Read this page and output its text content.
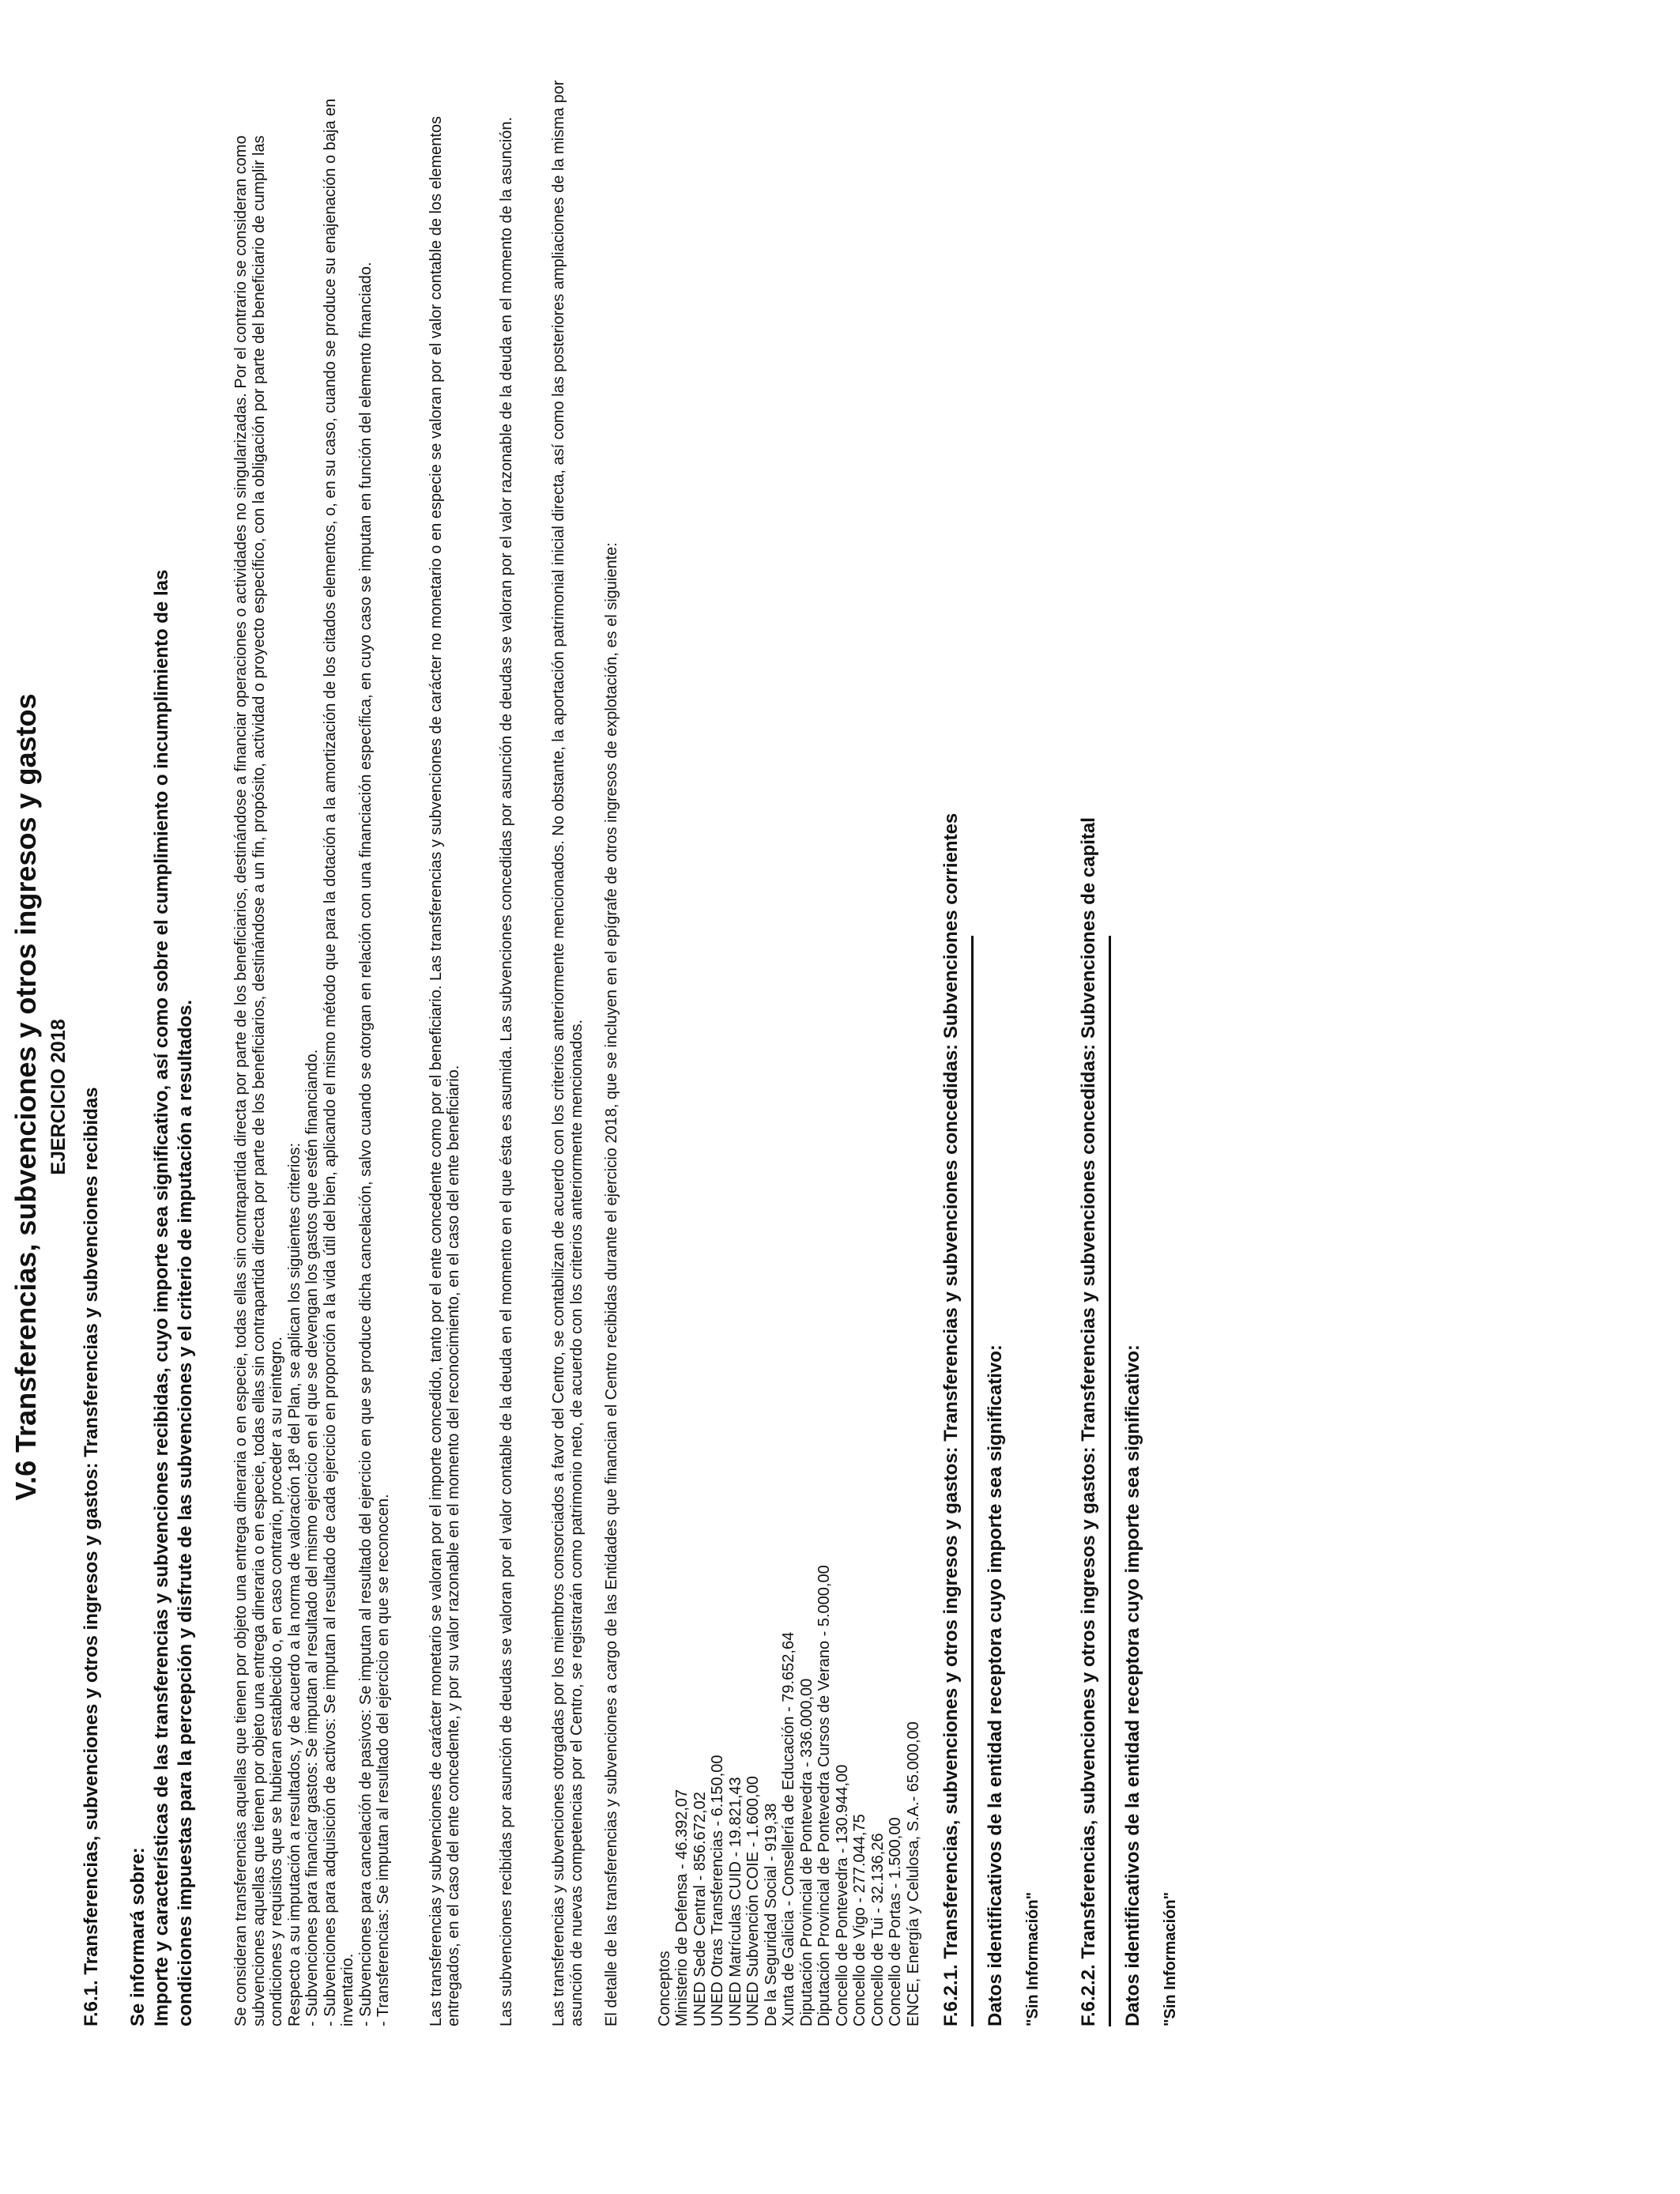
V.6 Transferencias, subvenciones y otros ingresos y gastos EJERCICIO 2018 F.6.1. Transferencias, subvenciones y otros ingresos y gastos: Transferencias y subvenciones recibidas Se informará sobre: Importe y características de las transferencias y subvenciones recibidas, cuyo importe sea significativo, así como sobre el cumplimiento o incumplimiento de las condiciones impuestas para la percepción y disfrute de las subvenciones y el criterio de imputación a resultados. Se consideran transferencias aquellas que tienen por objeto una entrega dineraria o en especie, todas ellas sin contrapartida directa por parte de los beneficiarios, destinándose a financiar operaciones o actividades no singularizadas. Por el contrario se consideran como subvenciones aquellas que tienen por objeto una entrega dineraria o en especie, todas ellas sin contrapartida directa por parte de los beneficiarios, destinándose a un fin, propósito, actividad o proyecto específico, con la obligación por parte del beneficiario de cumplir las condiciones y requisitos que se hubieran establecido o, en caso contrario, proceder a su reintegro. Respecto a su imputación a resultados, y de acuerdo a la norma de valoración 18ª del Plan, se aplican los siguientes criterios: - Subvenciones para financiar gastos: Se imputan al resultado del mismo ejercicio en el que se devengan los gastos que estén financiando. - Subvenciones para adquisición de activos: Se imputan al resultado de cada ejercicio en proporción a la vida útil del bien, aplicando el mismo método que para la dotación a la amortización de los citados elementos, o, en su caso, cuando se produce su enajenación o baja en inventario. - Subvenciones para cancelación de pasivos: Se imputan al resultado del ejercicio en que se produce dicha cancelación, salvo cuando se otorgan en relación con una financiación específica, en cuyo caso se imputan en función del elemento financiado. - Transferencias: Se imputan al resultado del ejercicio en que se reconocen. Las transferencias y subvenciones de carácter monetario se valoran por el importe concedido, tanto por el ente concedente como por el beneficiario. Las transferencias y subvenciones de carácter no monetario o en especie se valoran por el valor contable de los elementos entregados, en el caso del ente concedente, y por su valor razonable en el momento del reconocimiento, en el caso del ente beneficiario. Las subvenciones recibidas por asunción de deudas se valoran por el valor contable de la deuda en el momento en el que ésta es asumida. Las subvenciones concedidas por asunción de deudas se valoran por el valor razonable de la deuda en el momento de la asunción. Las transferencias y subvenciones otorgadas por los miembros consorciados a favor del Centro, se contabilizan de acuerdo con los criterios anteriormente mencionados. No obstante, la aportación patrimonial inicial directa, así como las posteriores ampliaciones de la misma por asunción de nuevas competencias por el Centro, se registrarán como patrimonio neto, de acuerdo con los criterios anteriormente mencionados. El detalle de las transferencias y subvenciones a cargo de las Entidades que financian el Centro recibidas durante el ejercicio 2018, que se incluyen en el epígrafe de otros ingresos de explotación, es el siguiente: Conceptos Ministerio de Defensa - 46.392,07 UNED Sede Central - 856.672,02 UNED Otras Transferencias - 6.150,00 UNED Matrículas CUID - 19.821,43 UNED Subvención COIE - 1.600,00 De la Seguridad Social - 919,38 Xunta de Galicia - Consellería de Educación - 79.652,64 Diputación Provincial de Pontevedra - 336.000,00 Diputación Provincial de Pontevedra Cursos de Verano - 5.000,00 Concello de Pontevedra - 130.944,00 Concello de Vigo - 277.044,75 Concello de Tui - 32.136,26 Concello de Portas - 1.500,00 ENCE, Energía y Celulosa, S.A.- 65.000,00 F.6.2.1. Transferencias, subvenciones y otros ingresos y gastos: Transferencias y subvenciones concedidas: Subvenciones corrientes Datos identificativos de la entidad receptora cuyo importe sea significativo: "Sin Información" F.6.2.2. Transferencias, subvenciones y otros ingresos y gastos: Transferencias y subvenciones concedidas: Subvenciones de capital Datos identificativos de la entidad receptora cuyo importe sea significativo: "Sin Información"
